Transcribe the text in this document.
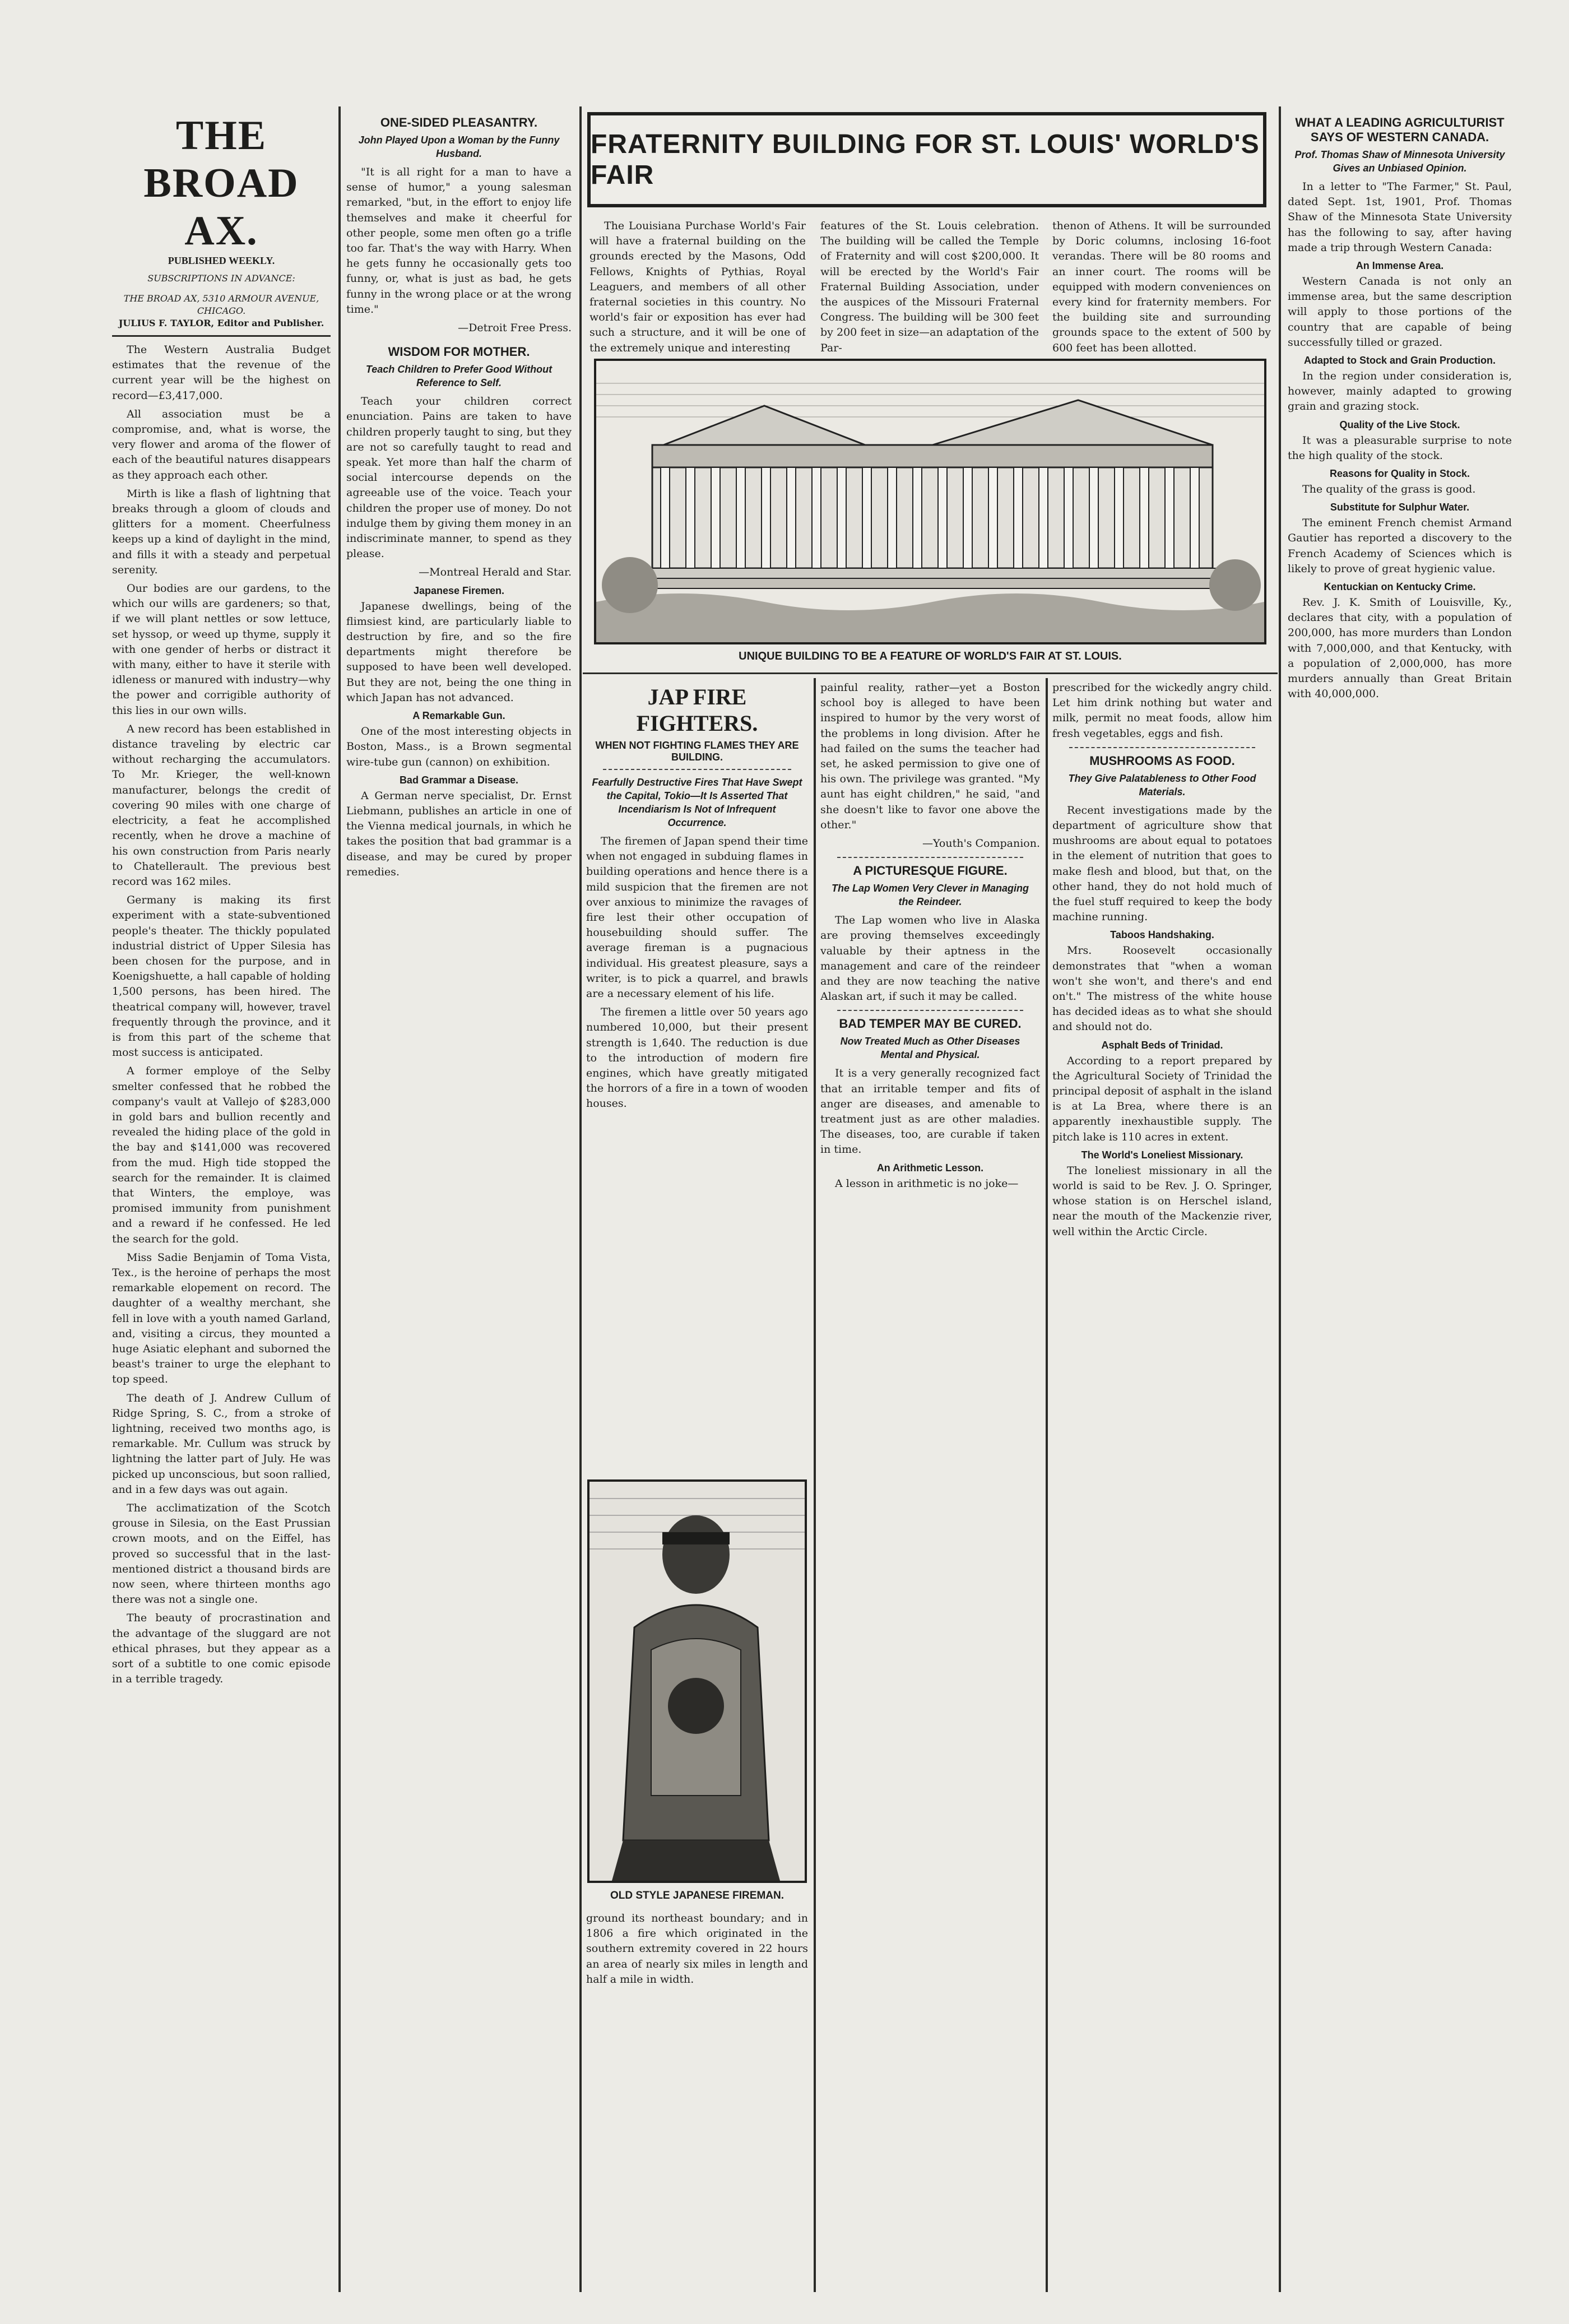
THE BROAD AX.

PUBLISHED WEEKLY.

SUBSCRIPTIONS IN ADVANCE:
THE BROAD AX, 5310 ARMOUR AVENUE, CHICAGO.
JULIUS F. TAYLOR, Editor and Publisher.

The Western Australia Budget estimates that the revenue of the current year will be the highest on record—£3,417,000.

All association must be a compromise, and, what is worse, the very flower and aroma of the flower of each of the beautiful natures disappears as they approach each other.

Mirth is like a flash of lightning that breaks through a gloom of clouds and glitters for a moment. Cheerfulness keeps up a kind of daylight in the mind, and fills it with a steady and perpetual serenity.

Our bodies are our gardens, to the which our wills are gardeners; so that, if we will plant nettles or sow lettuce, set hyssop, or weed up thyme, supply it with one gender of herbs or distract it with many, either to have it sterile with idleness or manured with industry—why the power and corrigible authority of this lies in our own wills.

A new record has been established in distance traveling by electric car without recharging the accumulators. To Mr. Krieger, the well-known manufacturer, belongs the credit of covering 90 miles with one charge of electricity, a feat he accomplished recently, when he drove a machine of his own construction from Paris nearly to Chatellerault. The previous best record was 162 miles.

Germany is making its first experiment with a state-subventioned people's theater. The thickly populated industrial district of Upper Silesia has been chosen for the purpose, and in Koenigshuette, a hall capable of holding 1,500 persons, has been hired. The theatrical company will, however, travel frequently through the province, and it is from this part of the scheme that most success is anticipated.

A former employe of the Selby smelter confessed that he robbed the company's vault at Vallejo of $283,000 in gold bars and bullion recently and revealed the hiding place of the gold in the bay and $141,000 was recovered from the mud. High tide stopped the search for the remainder. It is claimed that Winters, the employe, was promised immunity from punishment and a reward if he confessed. He led the search for the gold.

Miss Sadie Benjamin of Toma Vista, Tex., is the heroine of perhaps the most remarkable elopement on record. The daughter of a wealthy merchant, she fell in love with a youth named Garland, and, visiting a circus, they mounted a huge Asiatic elephant and suborned the beast's trainer to urge the elephant to top speed.

The death of J. Andrew Cullum of Ridge Spring, S. C., from a stroke of lightning, received two months ago, is remarkable. Mr. Cullum was struck by lightning the latter part of July. He was picked up unconscious, but soon rallied, and in a few days was out again.

The acclimatization of the Scotch grouse in Silesia, on the East Prussian crown moots, and on the Eiffel, has proved so successful that in the last-mentioned district a thousand birds are now seen, where thirteen months ago there was not a single one.

The beauty of procrastination and the advantage of the sluggard are not ethical phrases, but they appear as a sort of a subtitle to one comic episode in a terrible tragedy.

ONE-SIDED PLEASANTRY.

John Played Upon a Woman by the Funny Husband.

"It is all right for a man to have a sense of humor," a young salesman remarked, "but, in the effort to enjoy life themselves and make it cheerful for other people, some men often go a trifle too far. That's the way with Harry. When he gets funny he occasionally gets too funny, or, what is just as bad, he gets funny in the wrong place or at the wrong time."

—Detroit Free Press.

WISDOM FOR MOTHER.

Teach Children to Prefer Good Without Reference to Self.

Teach your children correct enunciation. Pains are taken to have children properly taught to sing, but they are not so carefully taught to read and speak. Yet more than half the charm of social intercourse depends on the agreeable use of the voice. Teach your children the proper use of money. Do not indulge them by giving them money in an indiscriminate manner, to spend as they please.

—Montreal Herald and Star.

Japanese Firemen.

Japanese dwellings, being of the flimsiest kind, are particularly liable to destruction by fire, and so the fire departments might therefore be supposed to have been well developed. But they are not, being the one thing in which Japan has not advanced.

A Remarkable Gun.

One of the most interesting objects in Boston, Mass., is a Brown segmental wire-tube gun (cannon) on exhibition.

Bad Grammar a Disease.

A German nerve specialist, Dr. Ernst Liebmann, publishes an article in one of the Vienna medical journals, in which he takes the position that bad grammar is a disease, and may be cured by proper remedies.

FRATERNITY BUILDING FOR ST. LOUIS' WORLD'S FAIR

The Louisiana Purchase World's Fair will have a fraternal building on the grounds erected by the Masons, Odd Fellows, Knights of Pythias, Royal Leaguers, and members of all other fraternal societies in this country. No world's fair or exposition has ever had such a structure, and it will be one of the extremely unique and interesting

features of the St. Louis celebration. The building will be called the Temple of Fraternity and will cost $200,000. It will be erected by the World's Fair Fraternal Building Association, under the auspices of the Missouri Fraternal Congress. The building will be 300 feet by 200 feet in size—an adaptation of the Par-

thenon of Athens. It will be surrounded by Doric columns, inclosing 16-foot verandas. There will be 80 rooms and an inner court. The rooms will be equipped with modern conveniences on every kind for fraternity members. For the building site and surrounding grounds space to the extent of 500 by 600 feet has been allotted.

UNIQUE BUILDING TO BE A FEATURE OF WORLD'S FAIR AT ST. LOUIS.

JAP FIRE FIGHTERS.

WHEN NOT FIGHTING FLAMES THEY ARE BUILDING.

Fearfully Destructive Fires That Have Swept the Capital, Tokio—It Is Asserted That Incendiarism Is Not of Infrequent Occurrence.

The firemen of Japan spend their time when not engaged in subduing flames in building operations and hence there is a mild suspicion that the firemen are not over anxious to minimize the ravages of fire lest their other occupation of housebuilding should suffer. The average fireman is a pugnacious individual. His greatest pleasure, says a writer, is to pick a quarrel, and brawls are a necessary element of his life.

The firemen a little over 50 years ago numbered 10,000, but their present strength is 1,640. The reduction is due to the introduction of modern fire engines, which have greatly mitigated the horrors of a fire in a town of wooden houses.

OLD STYLE JAPANESE FIREMAN.

ground its northeast boundary; and in 1806 a fire which originated in the southern extremity covered in 22 hours an area of nearly six miles in length and half a mile in width.

painful reality, rather—yet a Boston school boy is alleged to have been inspired to humor by the very worst of the problems in long division. After he had failed on the sums the teacher had set, he asked permission to give one of his own. The privilege was granted. "My aunt has eight children," he said, "and she doesn't like to favor one above the other."

—Youth's Companion.

A PICTURESQUE FIGURE.

The Lap Women Very Clever in Managing the Reindeer.

The Lap women who live in Alaska are proving themselves exceedingly valuable by their aptness in the management and care of the reindeer and they are now teaching the native Alaskan art, if such it may be called.

BAD TEMPER MAY BE CURED.

Now Treated Much as Other Diseases Mental and Physical.

It is a very generally recognized fact that an irritable temper and fits of anger are diseases, and amenable to treatment just as are other maladies. The diseases, too, are curable if taken in time.

An Arithmetic Lesson.

A lesson in arithmetic is no joke—

prescribed for the wickedly angry child. Let him drink nothing but water and milk, permit no meat foods, allow him fresh vegetables, eggs and fish.

MUSHROOMS AS FOOD.

They Give Palatableness to Other Food Materials.

Recent investigations made by the department of agriculture show that mushrooms are about equal to potatoes in the element of nutrition that goes to make flesh and blood, but that, on the other hand, they do not hold much of the fuel stuff required to keep the body machine running.

Taboos Handshaking.

Mrs. Roosevelt occasionally demonstrates that "when a woman won't she won't, and there's and end on't." The mistress of the white house has decided ideas as to what she should and should not do.

Asphalt Beds of Trinidad.

According to a report prepared by the Agricultural Society of Trinidad the principal deposit of asphalt in the island is at La Brea, where there is an apparently inexhaustible supply. The pitch lake is 110 acres in extent.

The World's Loneliest Missionary.

The loneliest missionary in all the world is said to be Rev. J. O. Springer, whose station is on Herschel island, near the mouth of the Mackenzie river, well within the Arctic Circle.

WHAT A LEADING AGRICULTURIST SAYS OF WESTERN CANADA.

Prof. Thomas Shaw of Minnesota University Gives an Unbiased Opinion.

In a letter to "The Farmer," St. Paul, dated Sept. 1st, 1901, Prof. Thomas Shaw of the Minnesota State University has the following to say, after having made a trip through Western Canada:

An Immense Area.

Western Canada is not only an immense area, but the same description will apply to those portions of the country that are capable of being successfully tilled or grazed.

Adapted to Stock and Grain Production.

In the region under consideration is, however, mainly adapted to growing grain and grazing stock.

Quality of the Live Stock.

It was a pleasurable surprise to note the high quality of the stock.

Reasons for Quality in Stock.

The quality of the grass is good.

Substitute for Sulphur Water.

The eminent French chemist Armand Gautier has reported a discovery to the French Academy of Sciences which is likely to prove of great hygienic value.

Kentuckian on Kentucky Crime.

Rev. J. K. Smith of Louisville, Ky., declares that city, with a population of 200,000, has more murders than London with 7,000,000, and that Kentucky, with a population of 2,000,000, has more murders annually than Great Britain with 40,000,000.
